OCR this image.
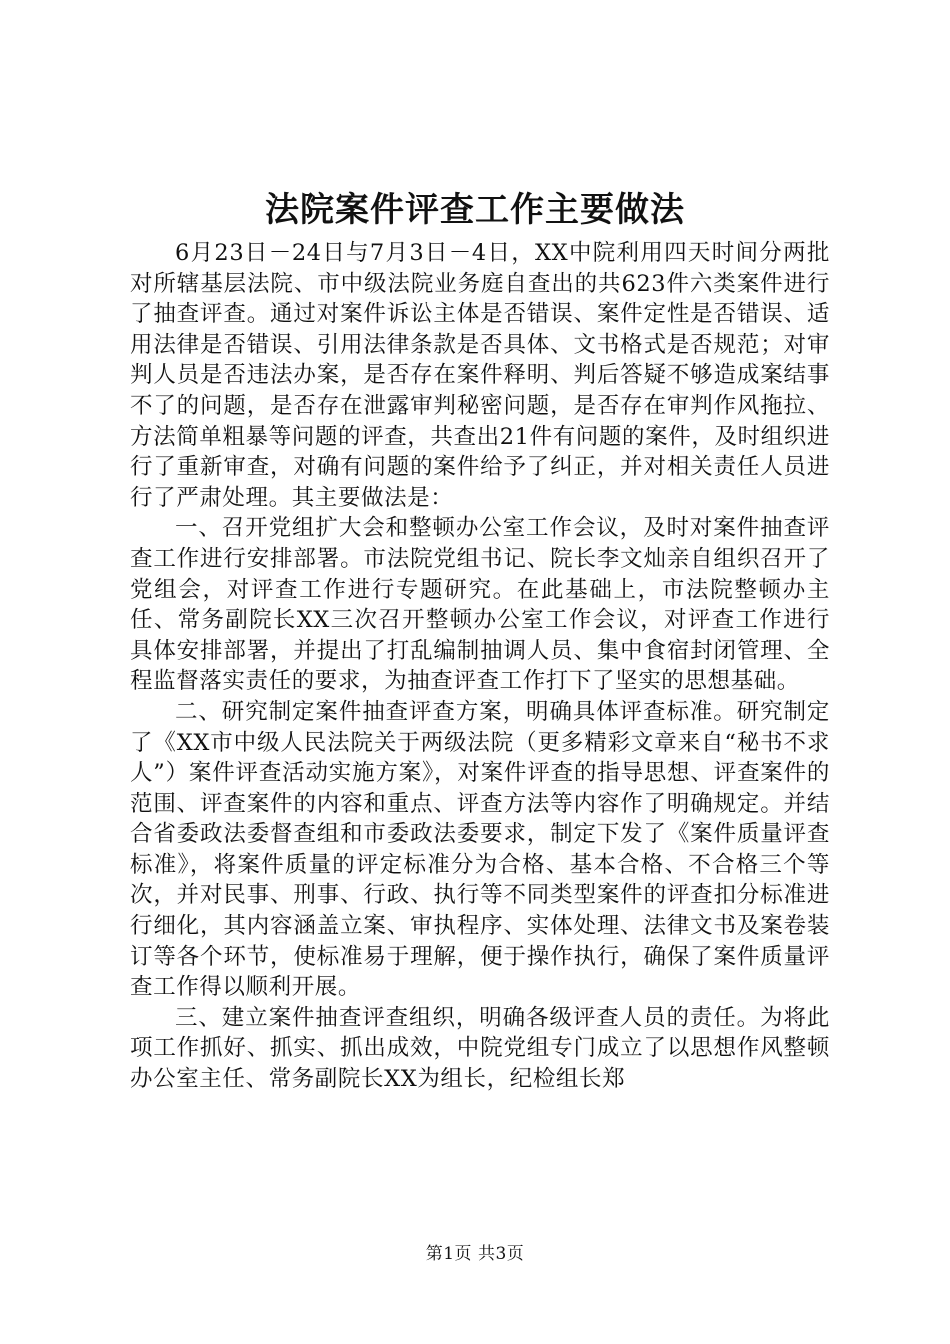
法院案件评查工作主要做法

6月23日－24日与7月3日－4日，XX中院利用四天时间分两批对所辖基层法院、市中级法院业务庭自查出的共623件六类案件进行了抽查评查。通过对案件诉讼主体是否错误、案件定性是否错误、适用法律是否错误、引用法律条款是否具体、文书格式是否规范；对审判人员是否违法办案，是否存在案件释明、判后答疑不够造成案结事不了的问题，是否存在泄露审判秘密问题，是否存在审判作风拖拉、方法简单粗暴等问题的评查，共查出21件有问题的案件，及时组织进行了重新审查，对确有问题的案件给予了纠正，并对相关责任人员进行了严肃处理。其主要做法是：

一、召开党组扩大会和整顿办公室工作会议，及时对案件抽查评查工作进行安排部署。市法院党组书记、院长李文灿亲自组织召开了党组会，对评查工作进行专题研究。在此基础上，市法院整顿办主任、常务副院长XX三次召开整顿办公室工作会议，对评查工作进行具体安排部署，并提出了打乱编制抽调人员、集中食宿封闭管理、全程监督落实责任的要求，为抽查评查工作打下了坚实的思想基础。

二、研究制定案件抽查评查方案，明确具体评查标准。研究制定了《XX市中级人民法院关于两级法院（更多精彩文章来自“秘书不求人”）案件评查活动实施方案》，对案件评查的指导思想、评查案件的范围、评查案件的内容和重点、评查方法等内容作了明确规定。并结合省委政法委督查组和市委政法委要求，制定下发了《案件质量评查标准》，将案件质量的评定标准分为合格、基本合格、不合格三个等次，并对民事、刑事、行政、执行等不同类型案件的评查扣分标准进行细化，其内容涵盖立案、审执程序、实体处理、法律文书及案卷装订等各个环节，使标准易于理解，便于操作执行，确保了案件质量评查工作得以顺利开展。

三、建立案件抽查评查组织，明确各级评查人员的责任。为将此项工作抓好、抓实、抓出成效，中院党组专门成立了以思想作风整顿办公室主任、常务副院长XX为组长，纪检组长郑

第1页 共3页
